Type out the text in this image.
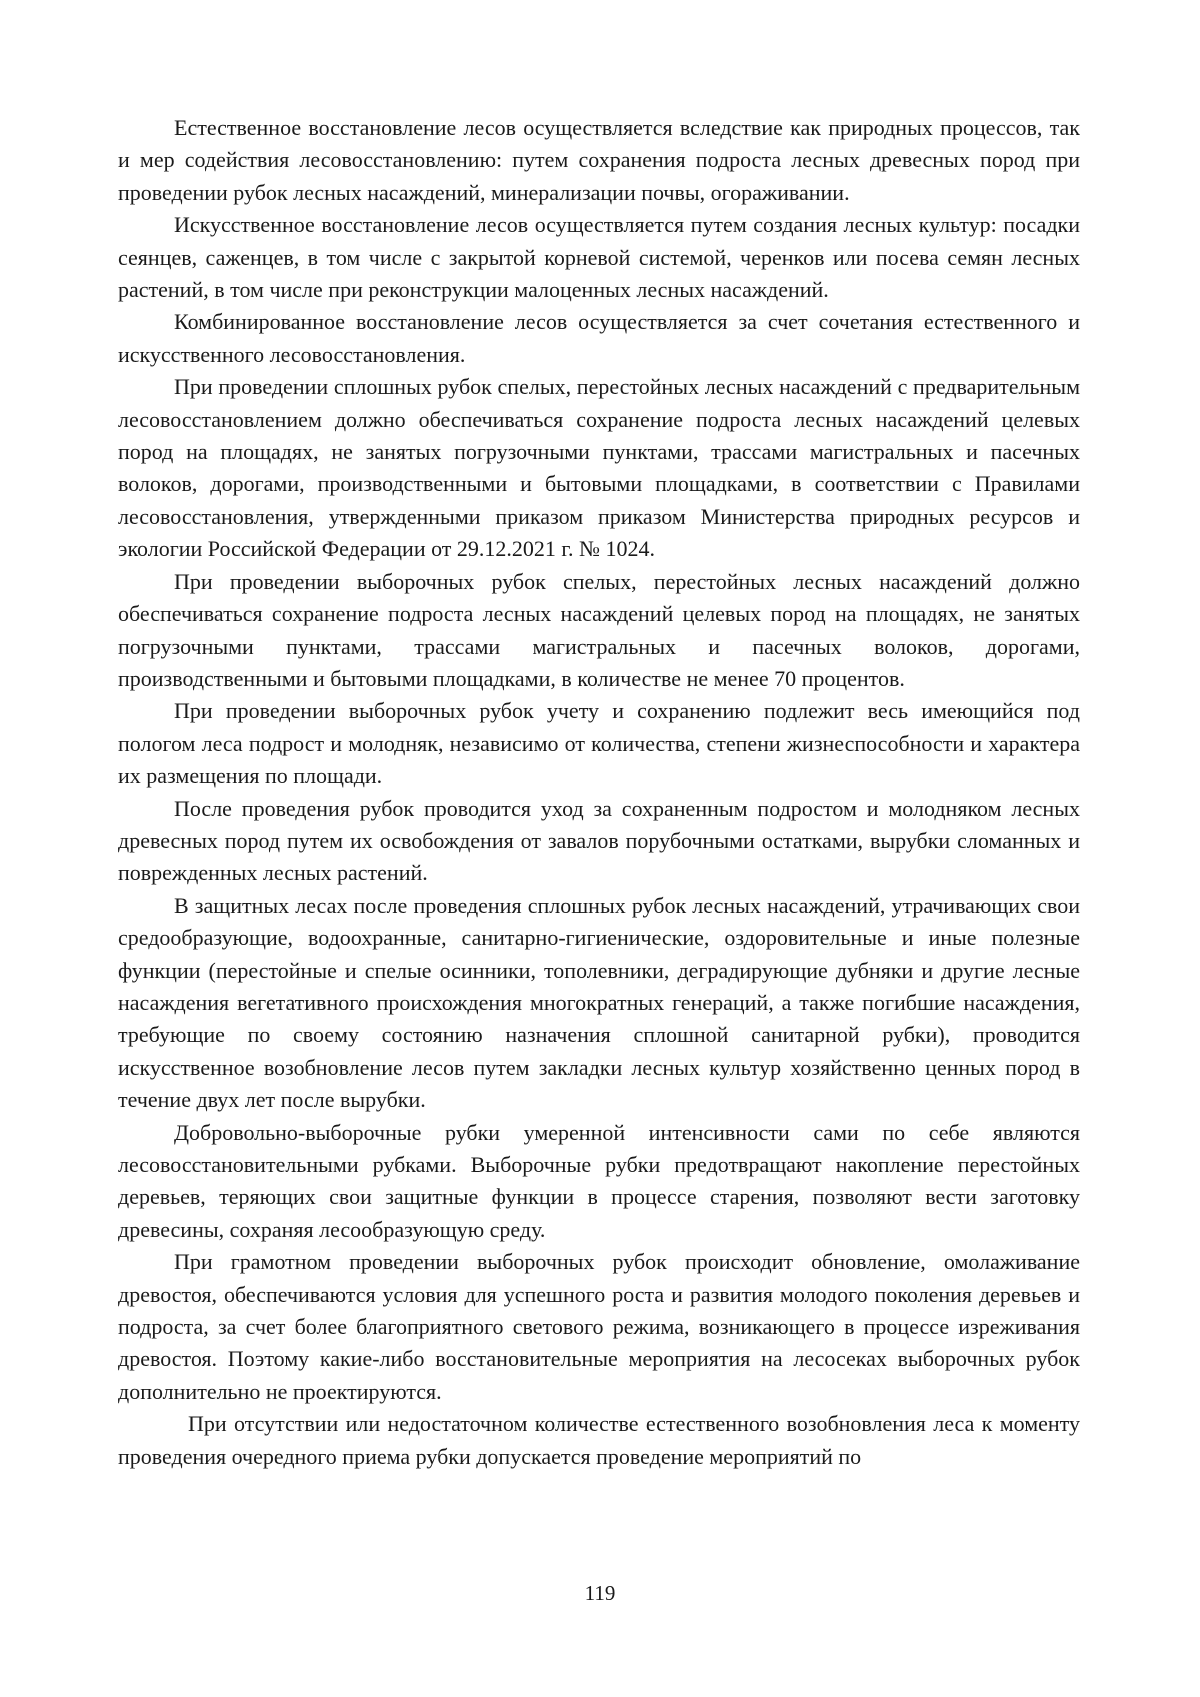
Естественное восстановление лесов осуществляется вследствие как природных процессов, так и мер содействия лесовосстановлению: путем сохранения подроста лесных древесных пород при проведении рубок лесных насаждений, минерализации почвы, огораживании.

Искусственное восстановление лесов осуществляется путем создания лесных культур: посадки сеянцев, саженцев, в том числе с закрытой корневой системой, черенков или посева семян лесных растений, в том числе при реконструкции малоценных лесных насаждений.

Комбинированное восстановление лесов осуществляется за счет сочетания естественного и искусственного лесовосстановления.

При проведении сплошных рубок спелых, перестойных лесных насаждений с предварительным лесовосстановлением должно обеспечиваться сохранение подроста лесных насаждений целевых пород на площадях, не занятых погрузочными пунктами, трассами магистральных и пасечных волоков, дорогами, производственными и бытовыми площадками, в соответствии с Правилами лесовосстановления, утвержденными приказом приказом Министерства природных ресурсов и экологии Российской Федерации от 29.12.2021 г. № 1024.

При проведении выборочных рубок спелых, перестойных лесных насаждений должно обеспечиваться сохранение подроста лесных насаждений целевых пород на площадях, не занятых погрузочными пунктами, трассами магистральных и пасечных волоков, дорогами, производственными и бытовыми площадками, в количестве не менее 70 процентов.

При проведении выборочных рубок учету и сохранению подлежит весь имеющийся под пологом леса подрост и молодняк, независимо от количества, степени жизнеспособности и характера их размещения по площади.

После проведения рубок проводится уход за сохраненным подростом и молодняком лесных древесных пород путем их освобождения от завалов порубочными остатками, вырубки сломанных и поврежденных лесных растений.

В защитных лесах после проведения сплошных рубок лесных насаждений, утрачивающих свои средообразующие, водоохранные, санитарно-гигиенические, оздоровительные и иные полезные функции (перестойные и спелые осинники, тополевники, деградирующие дубняки и другие лесные насаждения вегетативного происхождения многократных генераций, а также погибшие насаждения, требующие по своему состоянию назначения сплошной санитарной рубки), проводится искусственное возобновление лесов путем закладки лесных культур хозяйственно ценных пород в течение двух лет после вырубки.

Добровольно-выборочные рубки умеренной интенсивности сами по себе являются лесовосстановительными рубками. Выборочные рубки предотвращают накопление перестойных деревьев, теряющих свои защитные функции в процессе старения, позволяют вести заготовку древесины, сохраняя лесообразующую среду.

При грамотном проведении выборочных рубок происходит обновление, омолаживание древостоя, обеспечиваются условия для успешного роста и развития молодого поколения деревьев и подроста, за счет более благоприятного светового режима, возникающего в процессе изреживания древостоя. Поэтому какие-либо восстановительные мероприятия на лесосеках выборочных рубок дополнительно не проектируются.

При отсутствии или недостаточном количестве естественного возобновления леса к моменту проведения очередного приема рубки допускается проведение мероприятий по

119
